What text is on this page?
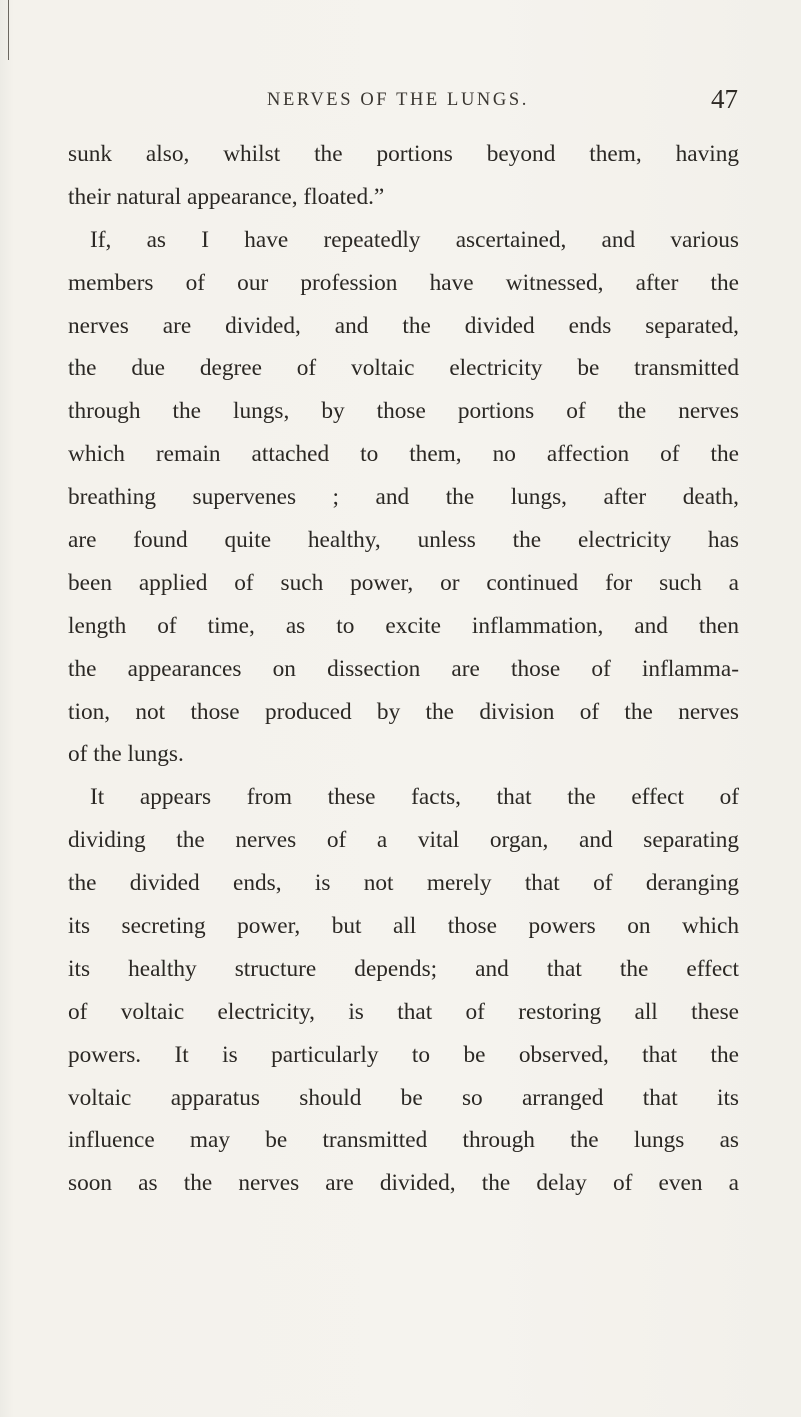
NERVES OF THE LUNGS.	47
sunk also, whilst the portions beyond them, having
their natural appearance, floated.”
If, as I have repeatedly ascertained, and various
members of our profession have witnessed, after the
nerves are divided, and the divided ends separated,
the due degree of voltaic electricity be transmitted
through the lungs, by those portions of the nerves
which remain attached to them, no affection of the
breathing supervenes ; and the lungs, after death,
are found quite healthy, unless the electricity has
been applied of such power, or continued for such a
length of time, as to excite inflammation, and then
the appearances on dissection are those of inflamma-
tion, not those produced by the division of the nerves
of the lungs.
It appears from these facts, that the effect of
dividing the nerves of a vital organ, and separating
the divided ends, is not merely that of deranging
its secreting power, but all those powers on which
its healthy structure depends; and that the effect
of voltaic electricity, is that of restoring all these
powers. It is particularly to be observed, that the
voltaic apparatus should be so arranged that its
influence may be transmitted through the lungs as
soon as the nerves are divided, the delay of even a
